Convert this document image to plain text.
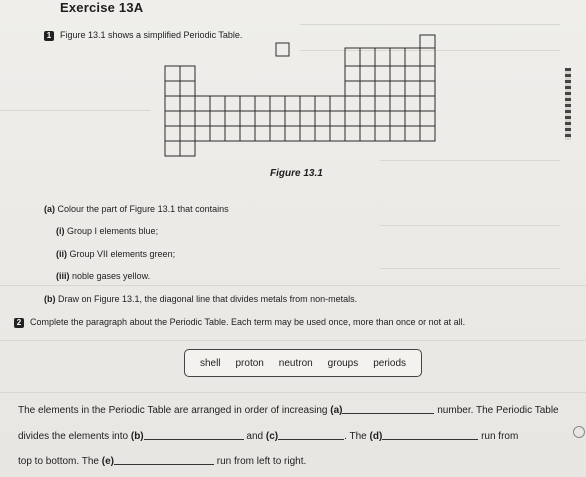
Exercise 13A
1 Figure 13.1 shows a simplified Periodic Table.
Figure 13.1
(a) Colour the part of Figure 13.1 that contains
(i) Group I elements blue;
(ii) Group VII elements green;
(iii) noble gases yellow.
(b) Draw on Figure 13.1, the diagonal line that divides metals from non-metals.
2 Complete the paragraph about the Periodic Table. Each term may be used once, more than once or not at all.
shell proton neutron groups periods
The elements in the Periodic Table are arranged in order of increasing (a)	number. The Periodic Table
divides the elements into (b)	and (c)	. The (d)	run from
top to bottom. The (e)	run from left to right.
